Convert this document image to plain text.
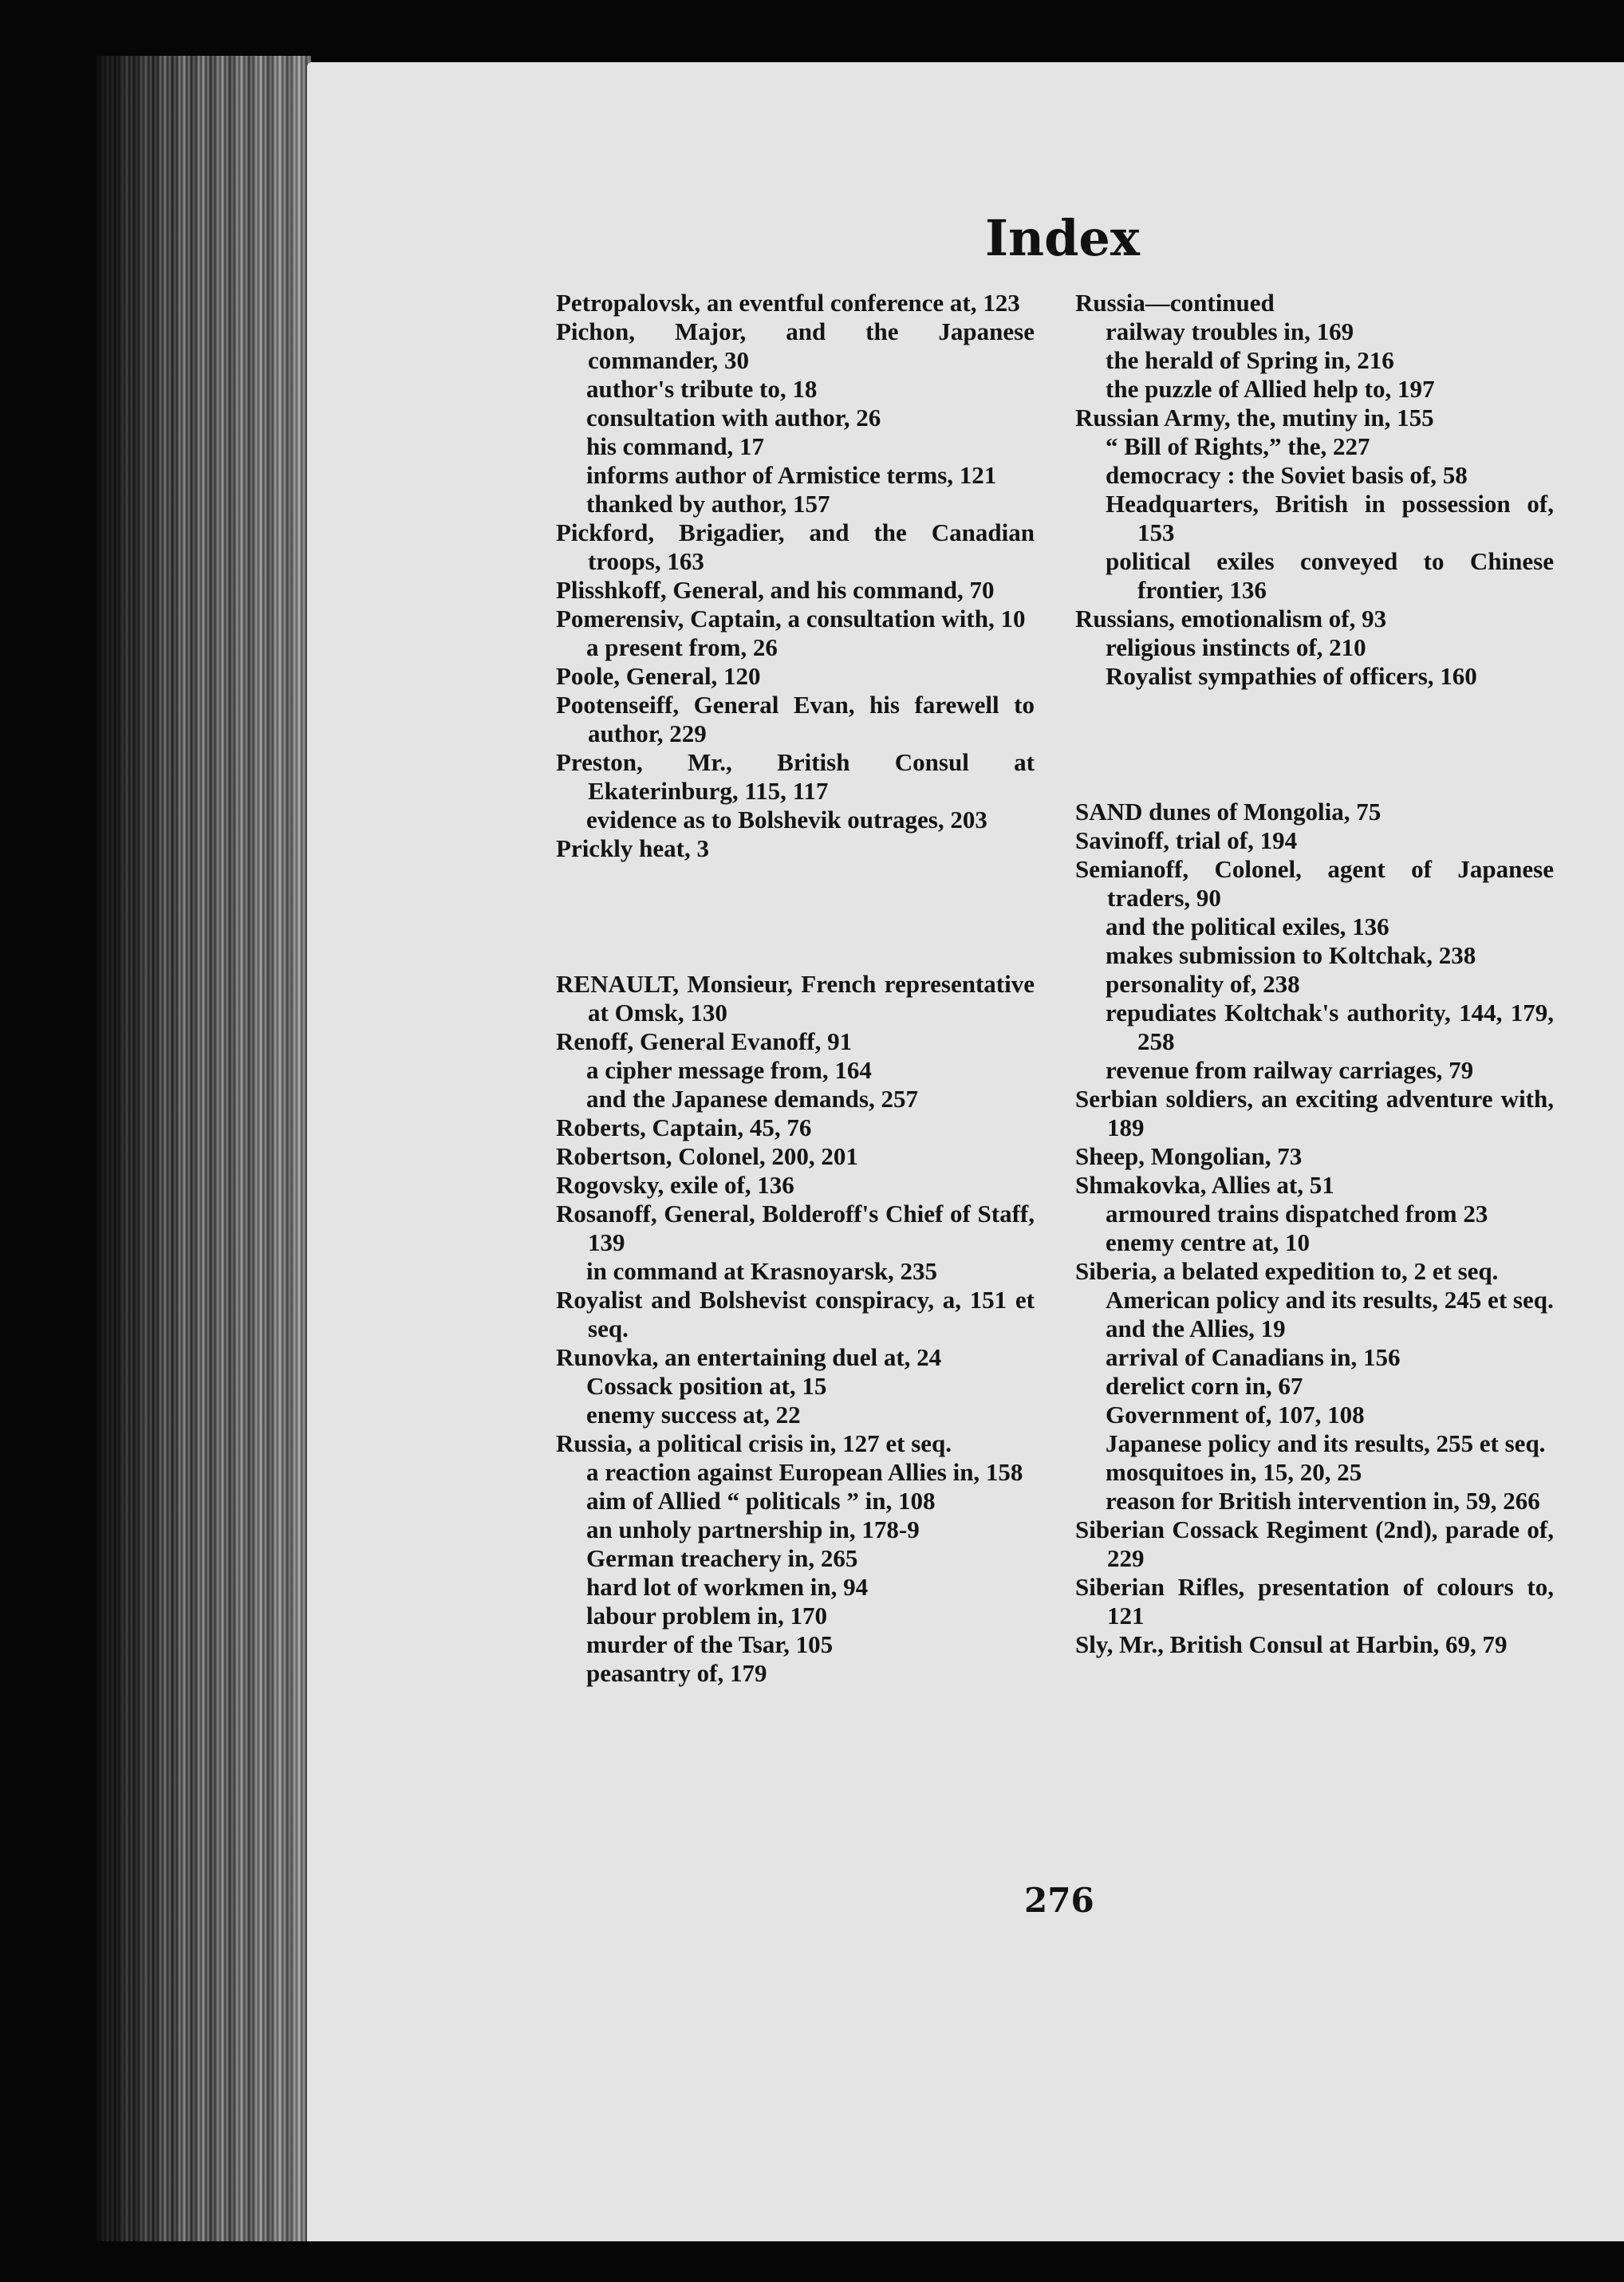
Index

Petropalovsk, an eventful conference at, 123

Pichon, Major, and the Japanese commander, 30

author's tribute to, 18

consultation with author, 26

his command, 17

informs author of Armistice terms, 121

thanked by author, 157

Pickford, Brigadier, and the Canadian troops, 163

Plisshkoff, General, and his command, 70

Pomerensiv, Captain, a consultation with, 10

a present from, 26

Poole, General, 120

Pootenseiff, General Evan, his farewell to author, 229

Preston, Mr., British Consul at Ekaterinburg, 115, 117

evidence as to Bolshevik outrages, 203

Prickly heat, 3

RENAULT, Monsieur, French representative at Omsk, 130

Renoff, General Evanoff, 91

a cipher message from, 164

and the Japanese demands, 257

Roberts, Captain, 45, 76

Robertson, Colonel, 200, 201

Rogovsky, exile of, 136

Rosanoff, General, Bolderoff's Chief of Staff, 139

in command at Krasnoyarsk, 235

Royalist and Bolshevist conspiracy, a, 151 et seq.

Runovka, an entertaining duel at, 24

Cossack position at, 15

enemy success at, 22

Russia, a political crisis in, 127 et seq.

a reaction against European Allies in, 158

aim of Allied “ politicals ” in, 108

an unholy partnership in, 178-9

German treachery in, 265

hard lot of workmen in, 94

labour problem in, 170

murder of the Tsar, 105

peasantry of, 179

Russia—continued

railway troubles in, 169

the herald of Spring in, 216

the puzzle of Allied help to, 197

Russian Army, the, mutiny in, 155

“ Bill of Rights,” the, 227

democracy : the Soviet basis of, 58

Headquarters, British in possession of, 153

political exiles conveyed to Chinese frontier, 136

Russians, emotionalism of, 93

religious instincts of, 210

Royalist sympathies of officers, 160

SAND dunes of Mongolia, 75

Savinoff, trial of, 194

Semianoff, Colonel, agent of Japanese traders, 90

and the political exiles, 136

makes submission to Koltchak, 238

personality of, 238

repudiates Koltchak's authority, 144, 179, 258

revenue from railway carriages, 79

Serbian soldiers, an exciting adventure with, 189

Sheep, Mongolian, 73

Shmakovka, Allies at, 51

armoured trains dispatched from 23

enemy centre at, 10

Siberia, a belated expedition to, 2 et seq.

American policy and its results, 245 et seq.

and the Allies, 19

arrival of Canadians in, 156

derelict corn in, 67

Government of, 107, 108

Japanese policy and its results, 255 et seq.

mosquitoes in, 15, 20, 25

reason for British intervention in, 59, 266

Siberian Cossack Regiment (2nd), parade of, 229

Siberian Rifles, presentation of colours to, 121

Sly, Mr., British Consul at Harbin, 69, 79

276
